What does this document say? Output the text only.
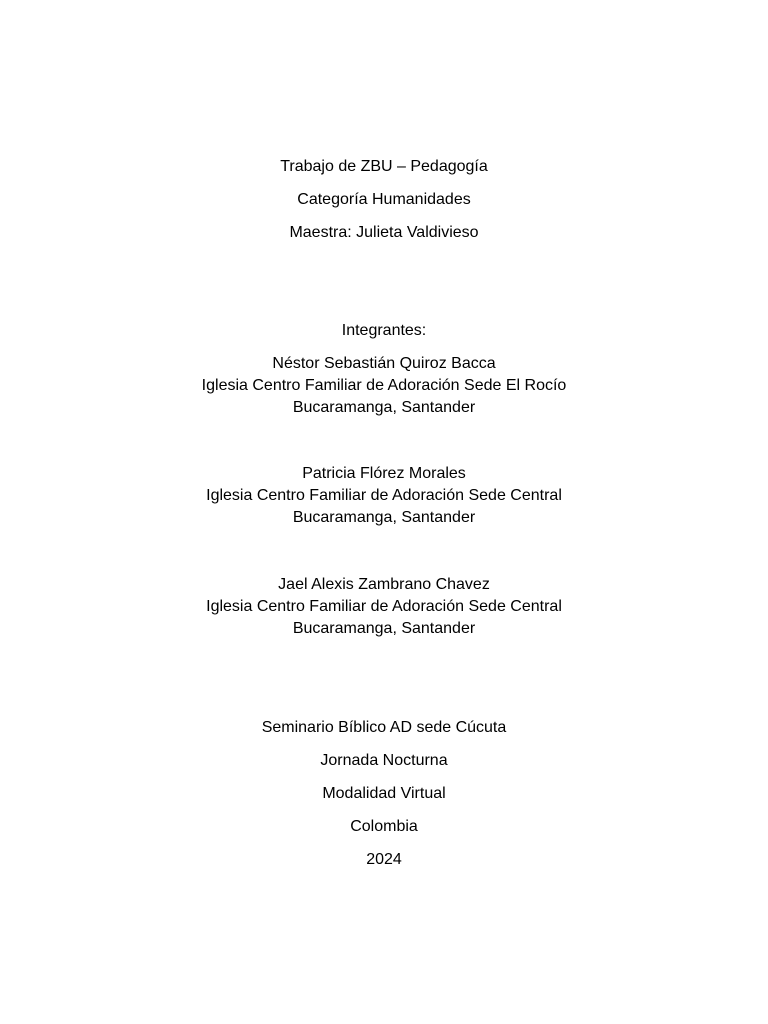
Trabajo de ZBU – Pedagogía
Categoría Humanidades
Maestra: Julieta Valdivieso
Integrantes:
Néstor Sebastián Quiroz Bacca
Iglesia Centro Familiar de Adoración Sede El Rocío
Bucaramanga, Santander
Patricia Flórez Morales
Iglesia Centro Familiar de Adoración Sede Central
Bucaramanga, Santander
Jael Alexis Zambrano Chavez
Iglesia Centro Familiar de Adoración Sede Central
Bucaramanga, Santander
Seminario Bíblico AD sede Cúcuta
Jornada Nocturna
Modalidad Virtual
Colombia
2024
